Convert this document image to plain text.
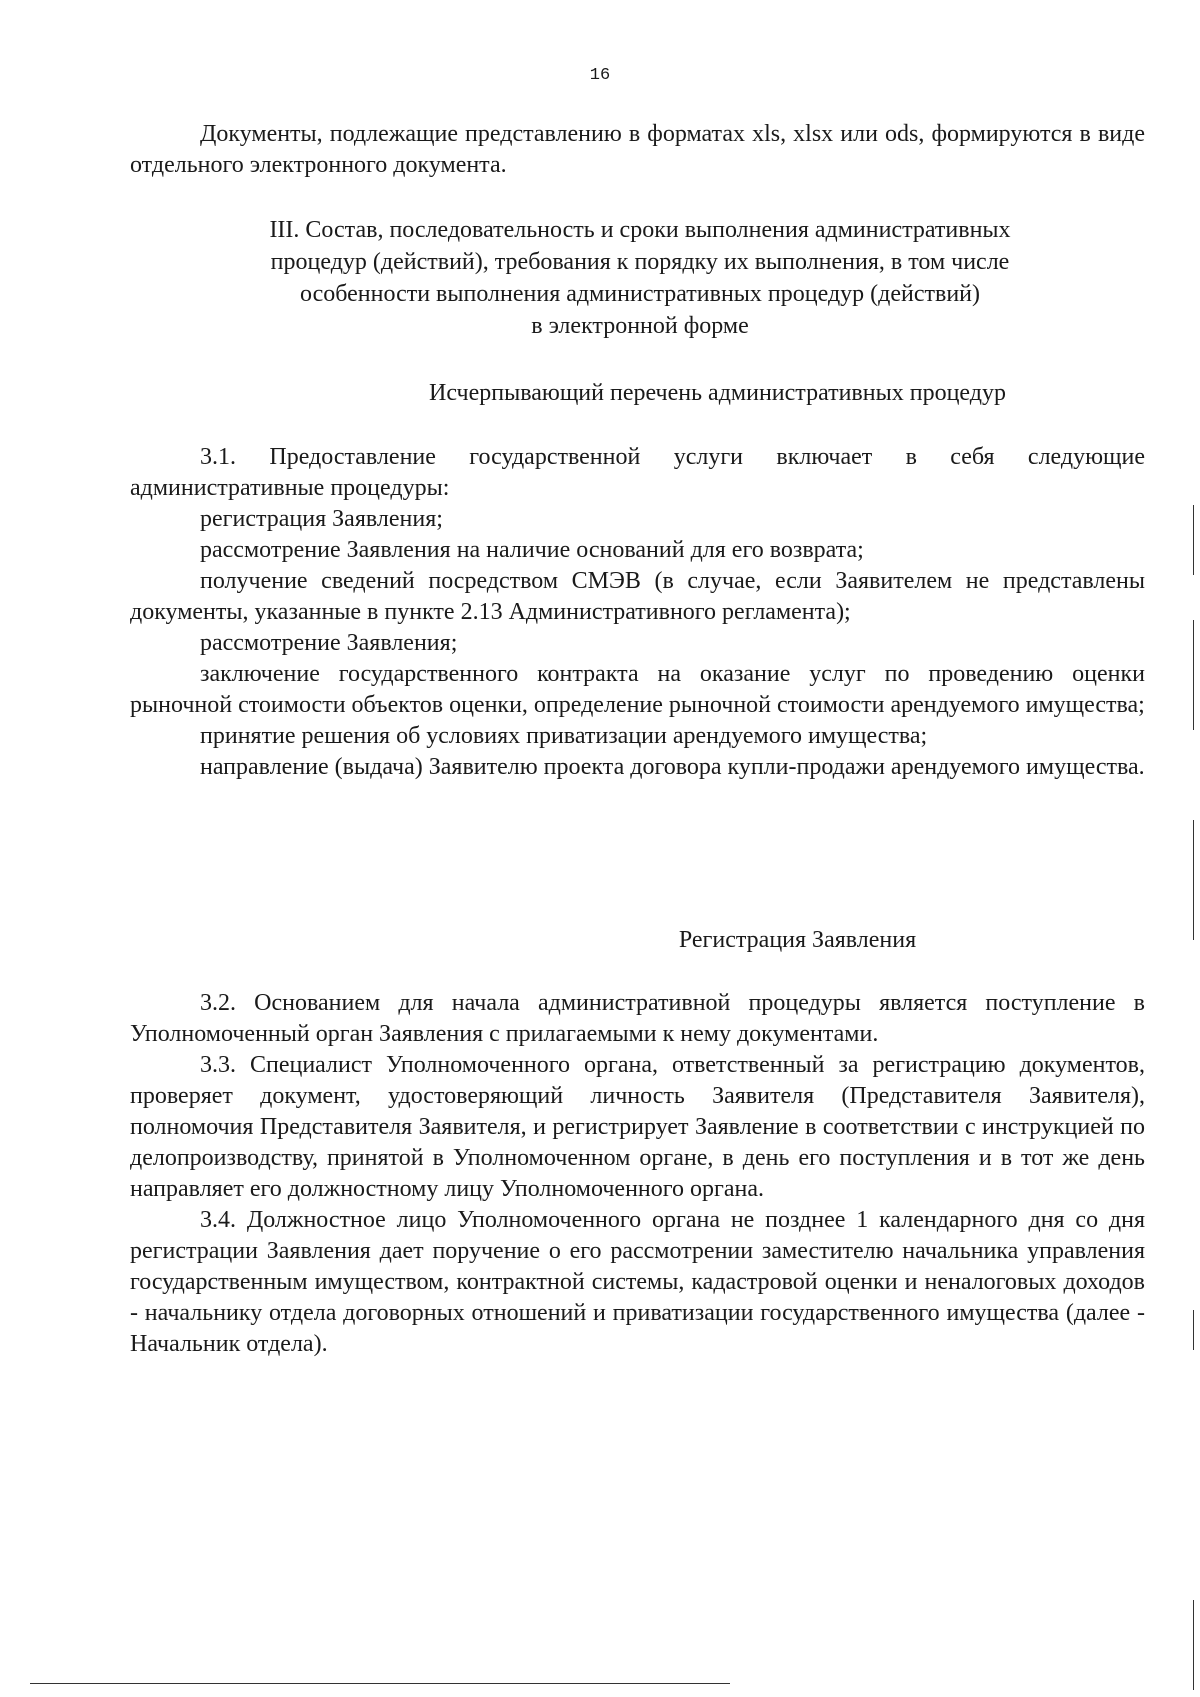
16

Документы, подлежащие представлению в форматах xls, xlsx или ods, формируются в виде отдельного электронного документа.

III. Состав, последовательность и сроки выполнения административных
процедур (действий), требования к порядку их выполнения, в том числе
особенности выполнения административных процедур (действий)
в электронной форме
Исчерпывающий перечень административных процедур

3.1. Предоставление государственной услуги включает в себя следующие административные процедуры:

регистрация Заявления;

рассмотрение Заявления на наличие оснований для его возврата;

получение сведений посредством СМЭВ (в случае, если Заявителем не представлены документы, указанные в пункте 2.13 Административного регламента);

рассмотрение Заявления;

заключение государственного контракта на оказание услуг по проведению оценки рыночной стоимости объектов оценки, определение рыночной стоимости арендуемого имущества;

принятие решения об условиях приватизации арендуемого имущества;

направление (выдача) Заявителю проекта договора купли-продажи арендуемого имущества.

Регистрация Заявления

3.2. Основанием для начала административной процедуры является поступление в Уполномоченный орган Заявления с прилагаемыми к нему документами.

3.3. Специалист Уполномоченного органа, ответственный за регистрацию документов, проверяет документ, удостоверяющий личность Заявителя (Представителя Заявителя), полномочия Представителя Заявителя, и регистрирует Заявление в соответствии с инструкцией по делопроизводству, принятой в Уполномоченном органе, в день его поступления и в тот же день направляет его должностному лицу Уполномоченного органа.

3.4. Должностное лицо Уполномоченного органа не позднее 1 календарного дня со дня регистрации Заявления дает поручение о его рассмотрении заместителю начальника управления государственным имуществом, контрактной системы, кадастровой оценки и неналоговых доходов - начальнику отдела договорных отношений и приватизации государственного имущества (далее - Начальник отдела).
